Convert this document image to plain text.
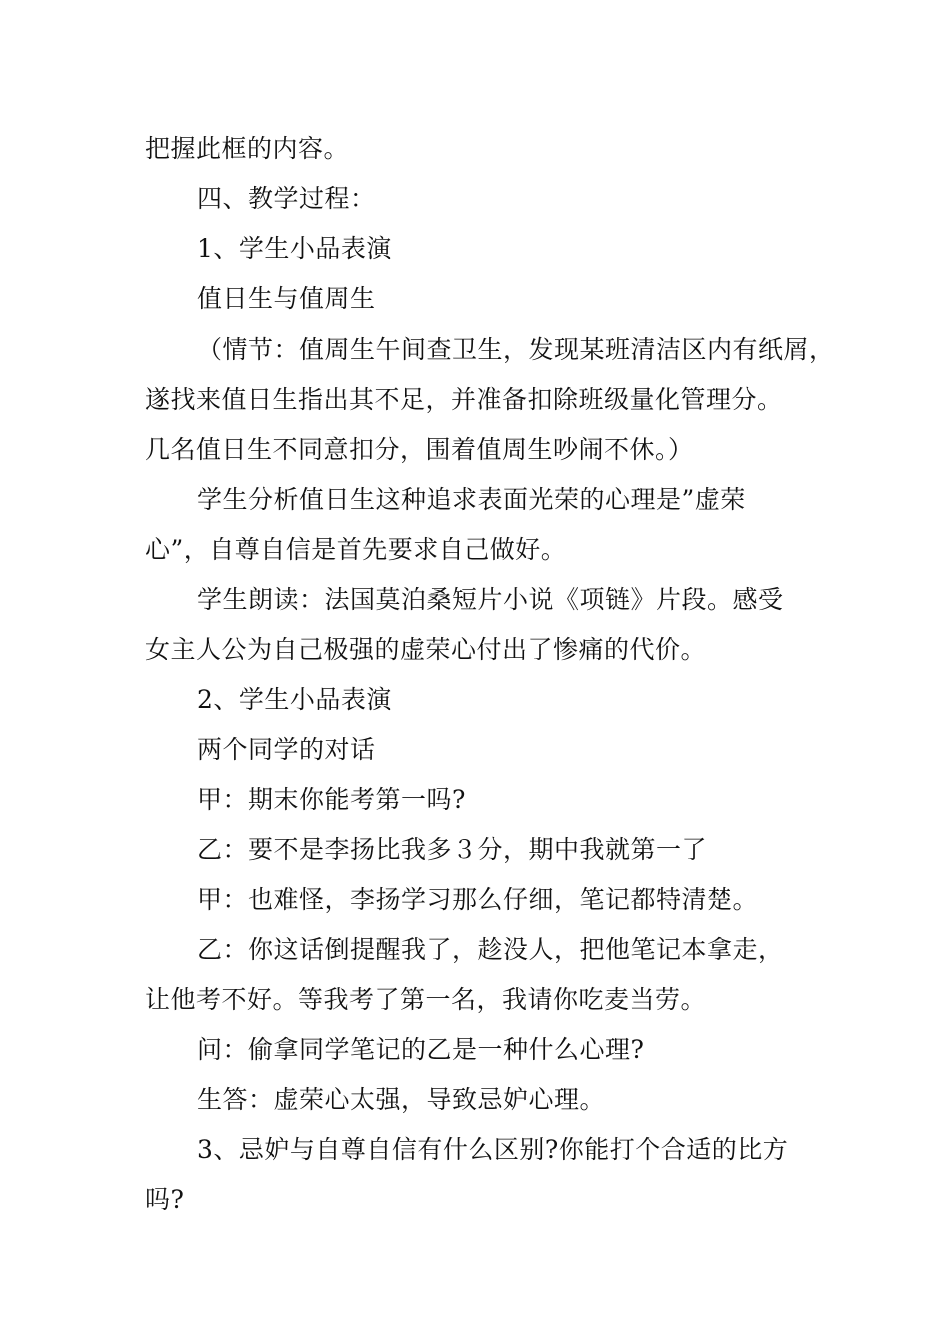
把握此框的内容。
四、教学过程：
1、学生小品表演
值日生与值周生
（情节：值周生午间查卫生，发现某班清洁区内有纸屑，
遂找来值日生指出其不足，并准备扣除班级量化管理分。
几名值日生不同意扣分，围着值周生吵闹不休。）
学生分析值日生这种追求表面光荣的心理是”虚荣
心”，自尊自信是首先要求自己做好。
学生朗读：法国莫泊桑短片小说《项链》片段。感受
女主人公为自己极强的虚荣心付出了惨痛的代价。
2、学生小品表演
两个同学的对话
甲：期末你能考第一吗?
乙：要不是李扬比我多３分，期中我就第一了
甲：也难怪，李扬学习那么仔细，笔记都特清楚。
乙：你这话倒提醒我了，趁没人，把他笔记本拿走，
让他考不好。等我考了第一名，我请你吃麦当劳。
问：偷拿同学笔记的乙是一种什么心理?
生答：虚荣心太强，导致忌妒心理。
3、忌妒与自尊自信有什么区别?你能打个合适的比方
吗?
